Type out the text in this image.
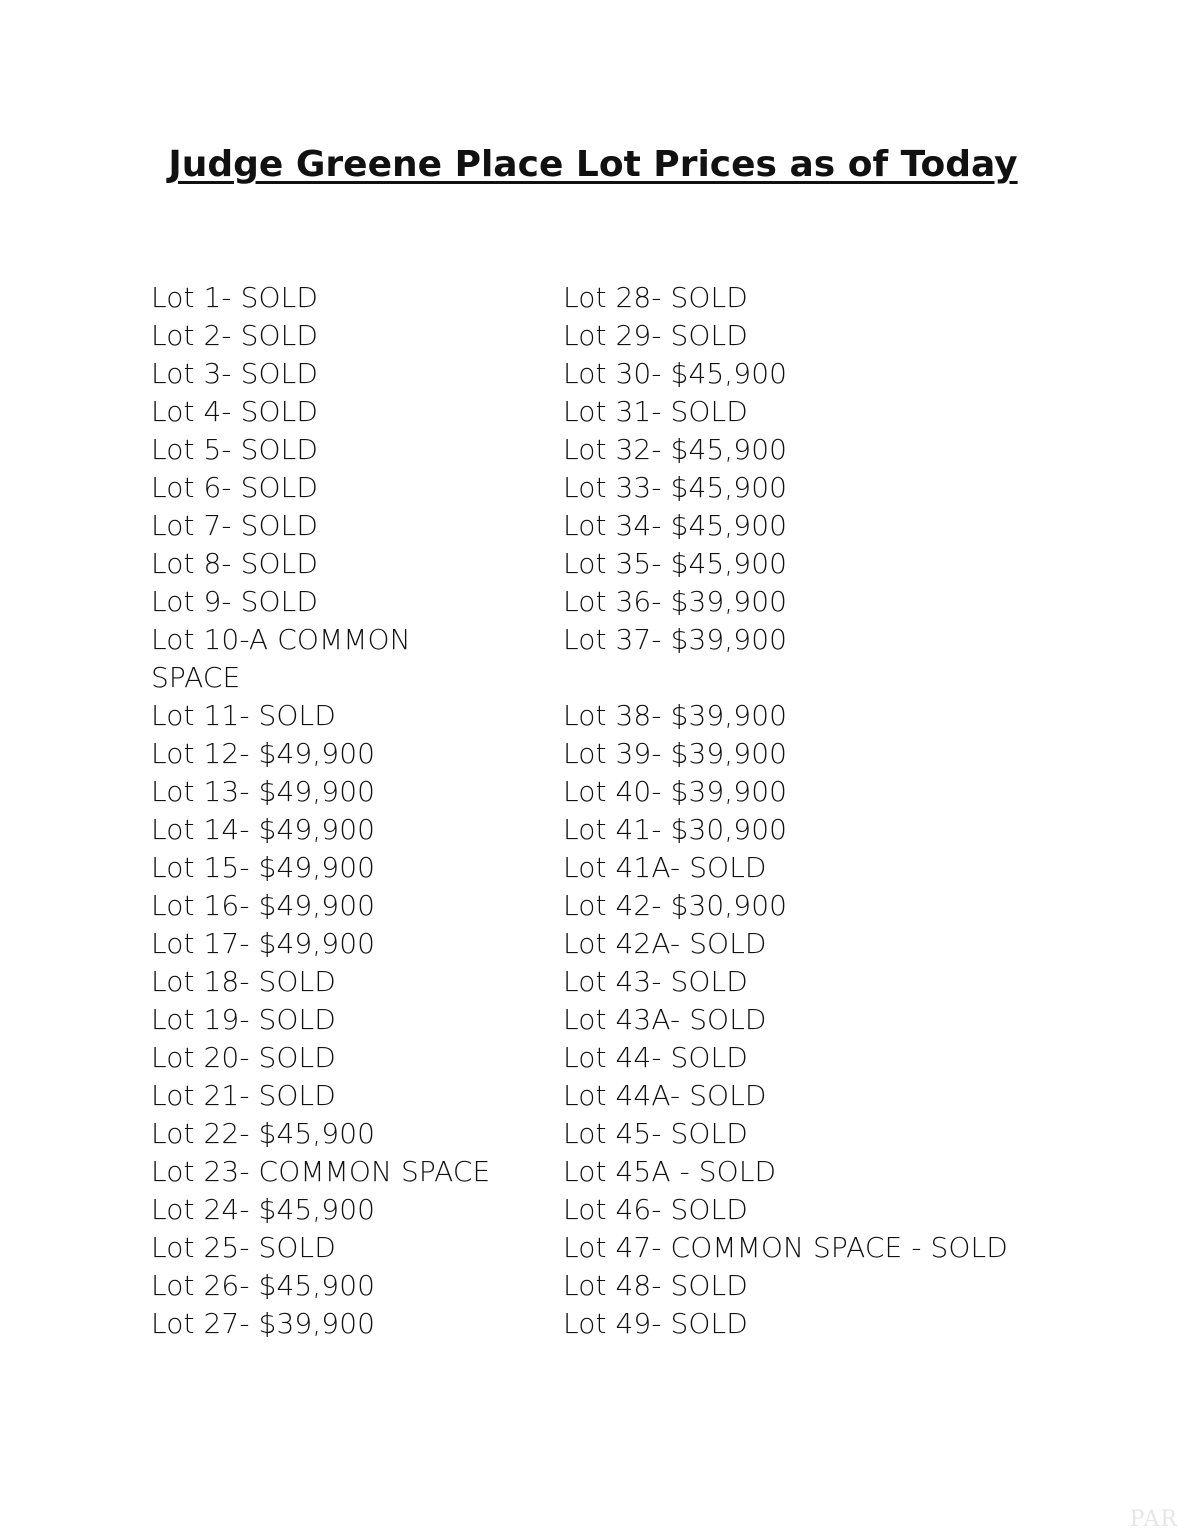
Judge Greene Place Lot Prices as of Today
Lot 1- SOLD
Lot 2- SOLD
Lot 3- SOLD
Lot 4- SOLD
Lot 5- SOLD
Lot 6- SOLD
Lot 7- SOLD
Lot 8- SOLD
Lot 9- SOLD
Lot 10-A COMMON SPACE
Lot 11- SOLD
Lot 12- $49,900
Lot 13- $49,900
Lot 14- $49,900
Lot 15- $49,900
Lot 16- $49,900
Lot 17- $49,900
Lot 18- SOLD
Lot 19- SOLD
Lot 20- SOLD
Lot 21- SOLD
Lot 22- $45,900
Lot 23- COMMON SPACE
Lot 24- $45,900
Lot 25- SOLD
Lot 26- $45,900
Lot 27- $39,900
Lot 28- SOLD
Lot 29- SOLD
Lot 30- $45,900
Lot 31- SOLD
Lot 32- $45,900
Lot 33- $45,900
Lot 34- $45,900
Lot 35- $45,900
Lot 36- $39,900
Lot 37- $39,900
Lot 38- $39,900
Lot 39- $39,900
Lot 40- $39,900
Lot 41- $30,900
Lot 41A- SOLD
Lot 42- $30,900
Lot 42A- SOLD
Lot 43- SOLD
Lot 43A- SOLD
Lot 44- SOLD
Lot 44A- SOLD
Lot 45- SOLD
Lot 45A - SOLD
Lot 46- SOLD
Lot 47- COMMON SPACE - SOLD
Lot 48- SOLD
Lot 49- SOLD
PAR
